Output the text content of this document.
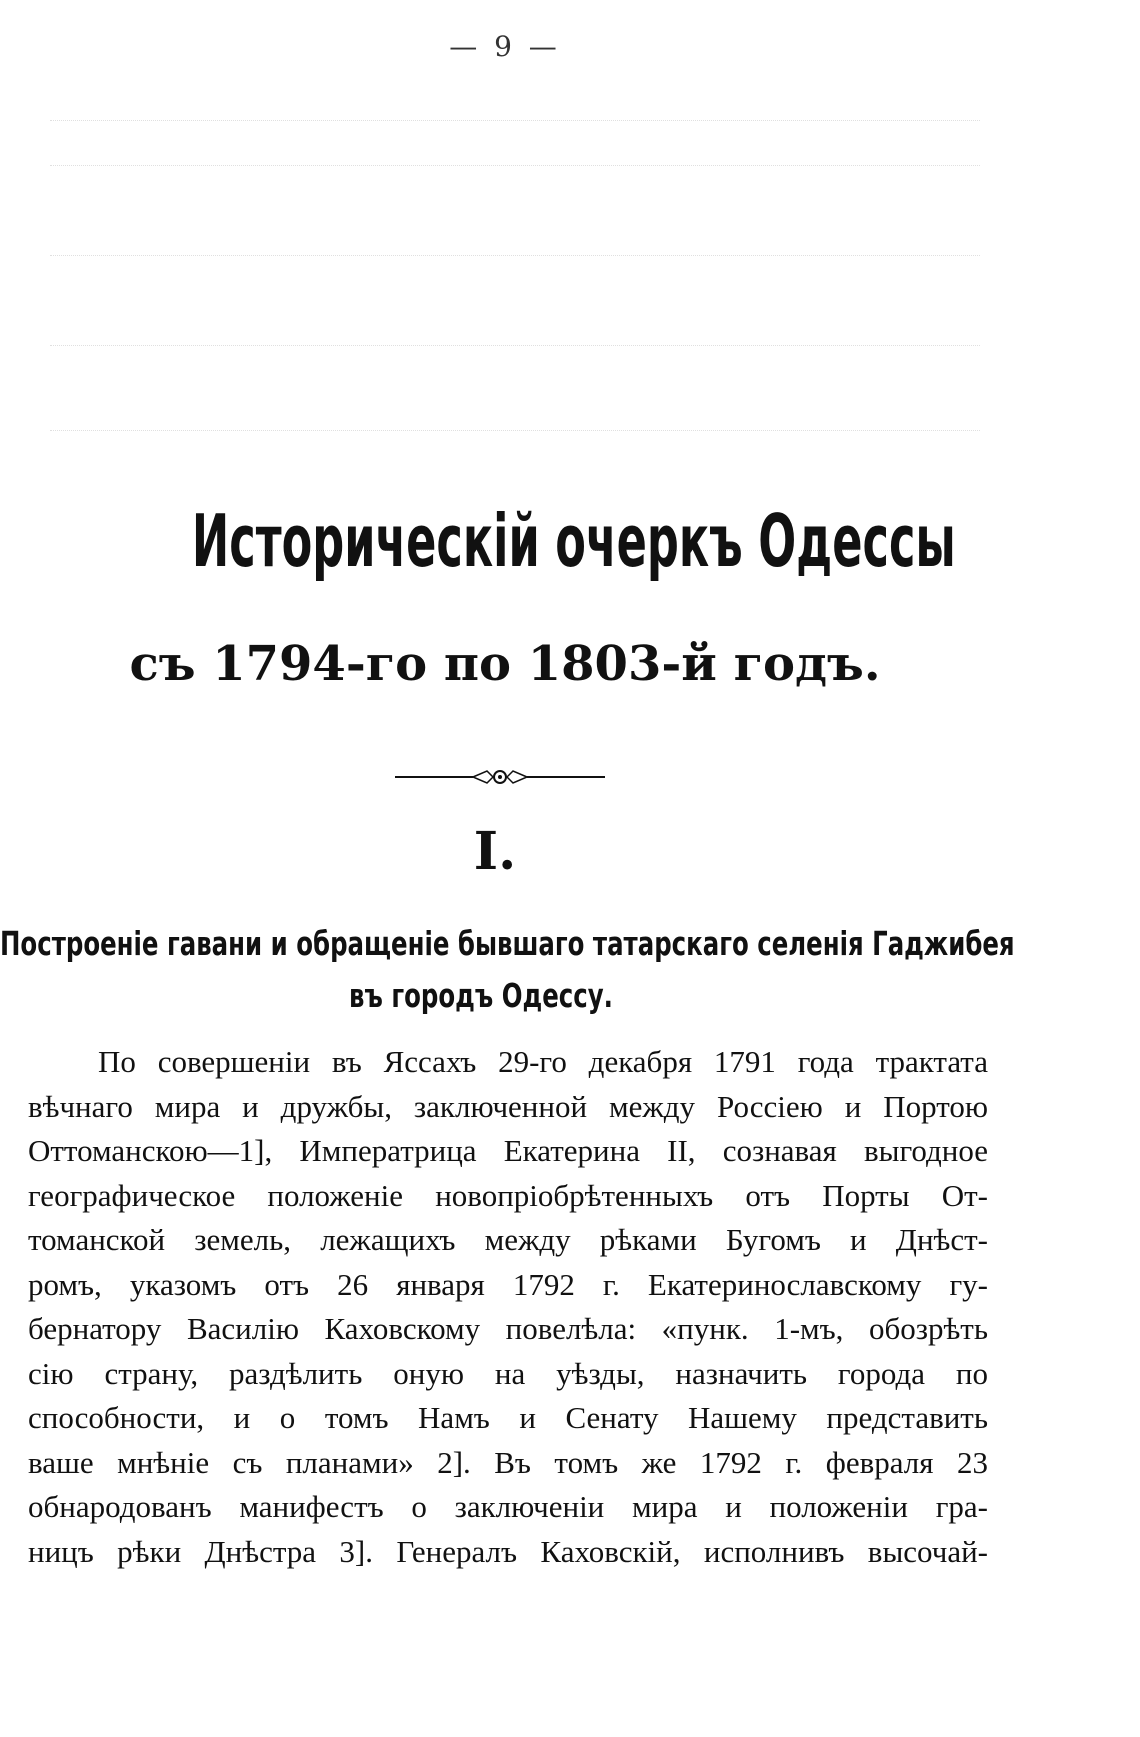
— 9 —
Историческiй очеркъ Одессы
съ 1794-го по 1803-й годъ.
I.
Построенiе гавани и обращенiе бывшаго татарскаго селенiя Гаджибея
въ городъ Одессу.
По совершенiи въ Яссахъ 29-го декабря 1791 года трактата
вѣчнаго мира и дружбы, заключенной между Россiею и Портою
Оттоманскою—1], Императрица Екатерина II, сознавая выгодное
географическое положенiе новопрiобрѣтенныхъ отъ Порты От-
томанской земель, лежащихъ между рѣками Бугомъ и Днѣст-
ромъ, указомъ отъ 26 января 1792 г. Екатеринославскому гу-
бернатору Василiю Каховскому повелѣла: «пунк. 1-мъ, обозрѣть
сiю страну, раздѣлить оную на уѣзды, назначить города по
способности, и о томъ Намъ и Сенату Нашему представить
ваше мнѣнiе съ планами» 2]. Въ томъ же 1792 г. февраля 23
обнародованъ манифестъ о заключенiи мира и положенiи гра-
ницъ рѣки Днѣстра 3]. Генералъ Каховскiй, исполнивъ высочай-
